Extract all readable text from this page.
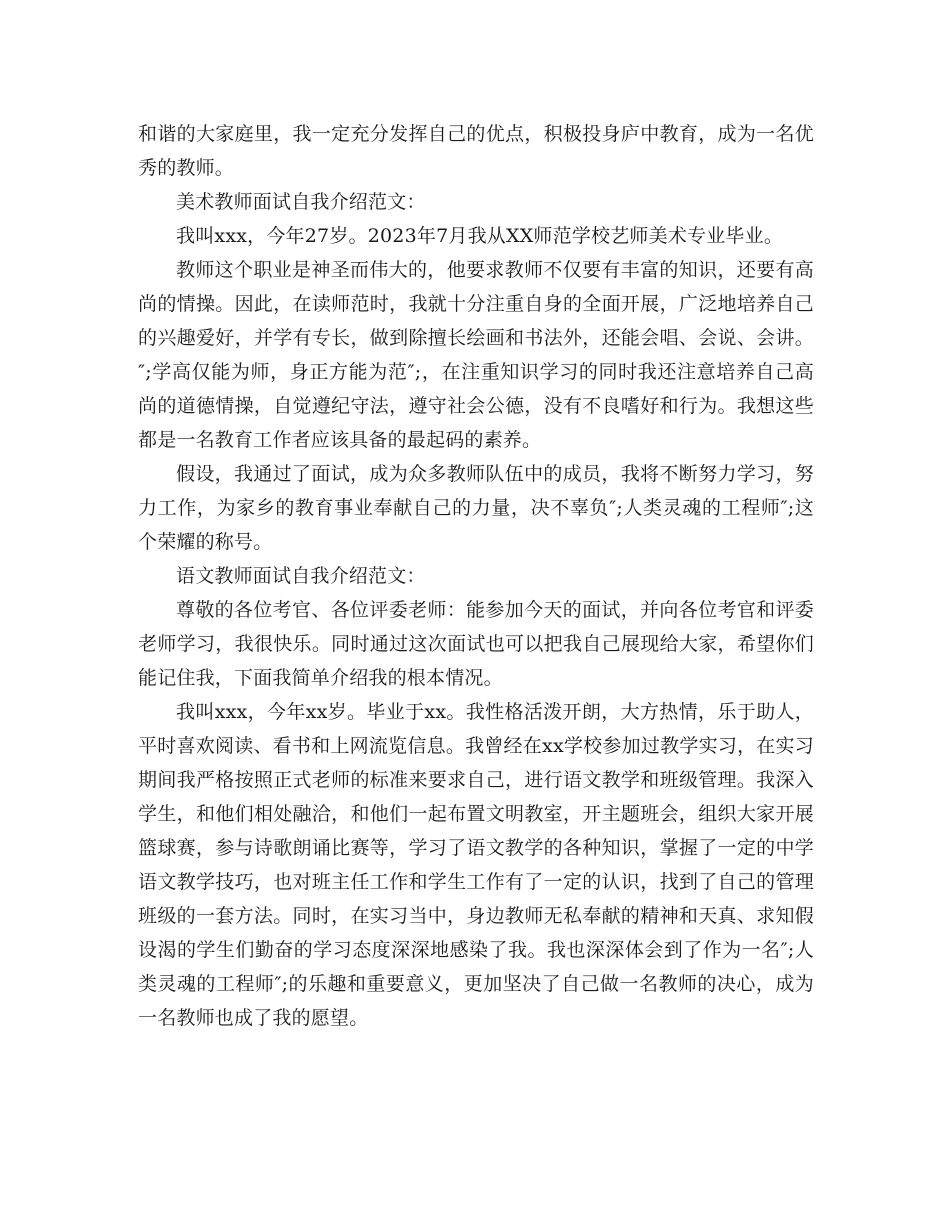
和谐的大家庭里，我一定充分发挥自己的优点，积极投身庐中教育，成为一名优秀的教师。

美术教师面试自我介绍范文：

我叫xxx，今年27岁。2023年7月我从XX师范学校艺师美术专业毕业。

教师这个职业是神圣而伟大的，他要求教师不仅要有丰富的知识，还要有高尚的情操。因此，在读师范时，我就十分注重自身的全面开展，广泛地培养自己的兴趣爱好，并学有专长，做到除擅长绘画和书法外，还能会唱、会说、会讲。″;学高仅能为师，身正方能为范″;，在注重知识学习的同时我还注意培养自己高尚的道德情操，自觉遵纪守法，遵守社会公德，没有不良嗜好和行为。我想这些都是一名教育工作者应该具备的最起码的素养。

假设，我通过了面试，成为众多教师队伍中的成员，我将不断努力学习，努力工作，为家乡的教育事业奉献自己的力量，决不辜负″;人类灵魂的工程师″;这个荣耀的称号。

语文教师面试自我介绍范文：

尊敬的各位考官、各位评委老师：能参加今天的面试，并向各位考官和评委老师学习，我很快乐。同时通过这次面试也可以把我自己展现给大家，希望你们能记住我，下面我简单介绍我的根本情况。

我叫xxx，今年xx岁。毕业于xx。我性格活泼开朗，大方热情，乐于助人，平时喜欢阅读、看书和上网流览信息。我曾经在xx学校参加过教学实习，在实习期间我严格按照正式老师的标准来要求自己，进行语文教学和班级管理。我深入学生，和他们相处融洽，和他们一起布置文明教室，开主题班会，组织大家开展篮球赛，参与诗歌朗诵比赛等，学习了语文教学的各种知识，掌握了一定的中学语文教学技巧，也对班主任工作和学生工作有了一定的认识，找到了自己的管理班级的一套方法。同时，在实习当中，身边教师无私奉献的精神和天真、求知假设渴的学生们勤奋的学习态度深深地感染了我。我也深深体会到了作为一名″;人类灵魂的工程师″;的乐趣和重要意义，更加坚决了自己做一名教师的决心，成为一名教师也成了我的愿望。
